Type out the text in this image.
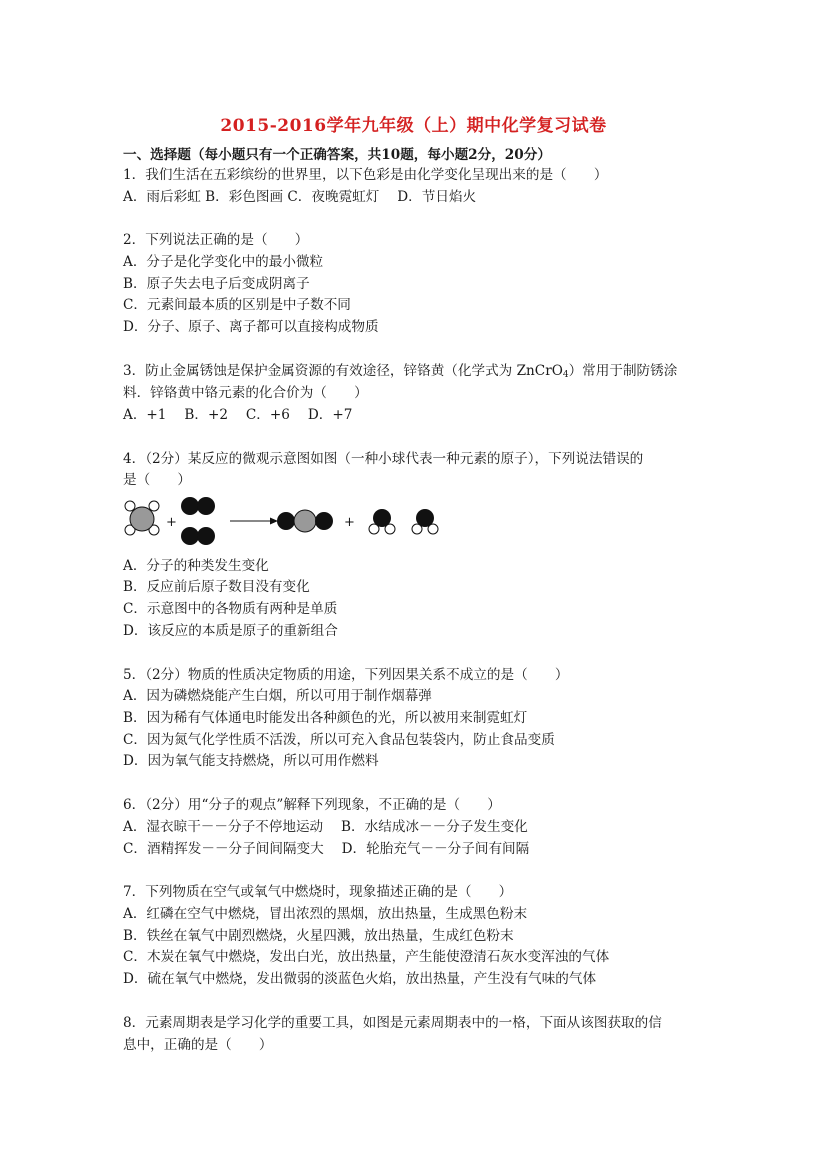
2015-2016学年九年级（上）期中化学复习试卷
一、选择题（每小题只有一个正确答案，共10题，每小题2分，20分）
1．我们生活在五彩缤纷的世界里，以下色彩是由化学变化呈现出来的是（　　）
A．雨后彩虹 B．彩色图画 C．夜晚霓虹灯　 D．节日焰火
2．下列说法正确的是（　　）
A．分子是化学变化中的最小微粒
B．原子失去电子后变成阴离子
C．元素间最本质的区别是中子数不同
D．分子、原子、离子都可以直接构成物质
3．防止金属锈蚀是保护金属资源的有效途径，锌铬黄（化学式为 ZnCrO$_4$）常用于制防锈涂
料．锌铬黄中铬元素的化合价为（　　）
A．+1　 B．+2　 C．+6　 D．+7
4．（2分）某反应的微观示意图如图（一种小球代表一种元素的原子），下列说法错误的
是（　　）
+	+
A．分子的种类发生变化
B．反应前后原子数目没有变化
C．示意图中的各物质有两种是单质
D．该反应的本质是原子的重新组合
5．（2分）物质的性质决定物质的用途，下列因果关系不成立的是（　　）
A．因为磷燃烧能产生白烟，所以可用于制作烟幕弹
B．因为稀有气体通电时能发出各种颜色的光，所以被用来制霓虹灯
C．因为氮气化学性质不活泼，所以可充入食品包装袋内，防止食品变质
D．因为氧气能支持燃烧，所以可用作燃料
6．（2分）用“分子的观点”解释下列现象，不正确的是（　　）
A．湿衣晾干－－分子不停地运动　 B．水结成冰－－分子发生变化
C．酒精挥发－－分子间间隔变大　 D．轮胎充气－－分子间有间隔
7．下列物质在空气或氧气中燃烧时，现象描述正确的是（　　）
A．红磷在空气中燃烧，冒出浓烈的黑烟，放出热量，生成黑色粉末
B．铁丝在氧气中剧烈燃烧，火星四溅，放出热量，生成红色粉末
C．木炭在氧气中燃烧，发出白光，放出热量，产生能使澄清石灰水变浑浊的气体
D．硫在氧气中燃烧，发出微弱的淡蓝色火焰，放出热量，产生没有气味的气体
8．元素周期表是学习化学的重要工具，如图是元素周期表中的一格，下面从该图获取的信
息中，正确的是（　　）
